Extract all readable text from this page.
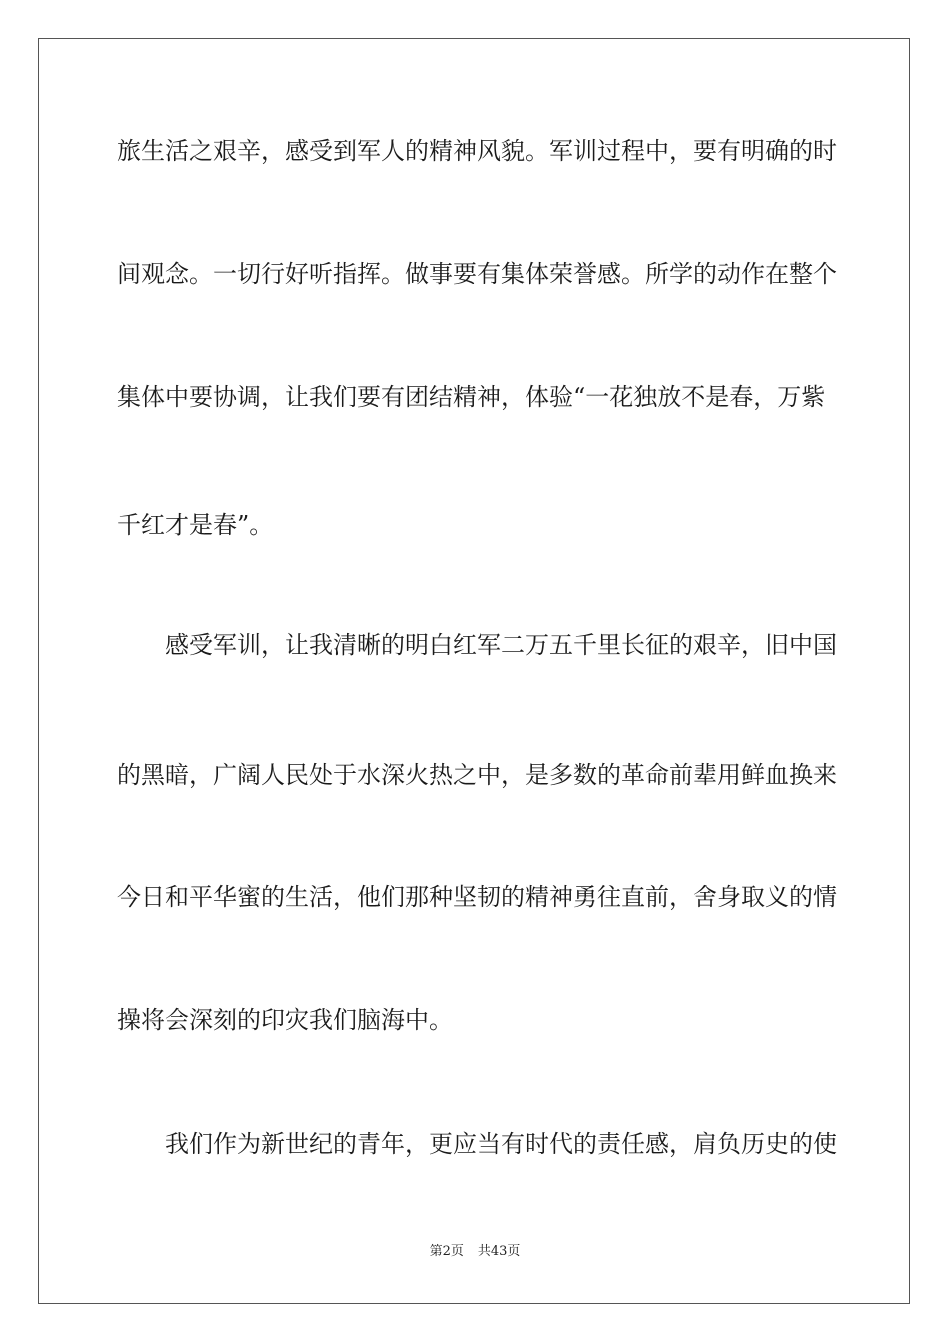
旅生活之艰辛，感受到军人的精神风貌。军训过程中，要有明确的时
间观念。一切行好听指挥。做事要有集体荣誉感。所学的动作在整个
集体中要协调，让我们要有团结精神，体验“一花独放不是春，万紫
千红才是春”。
感受军训，让我清晰的明白红军二万五千里长征的艰辛，旧中国
的黑暗，广阔人民处于水深火热之中，是多数的革命前辈用鲜血换来
今日和平华蜜的生活，他们那种坚韧的精神勇往直前，舍身取义的情
操将会深刻的印灾我们脑海中。
我们作为新世纪的青年，更应当有时代的责任感，肩负历史的使
第2页 共43页
